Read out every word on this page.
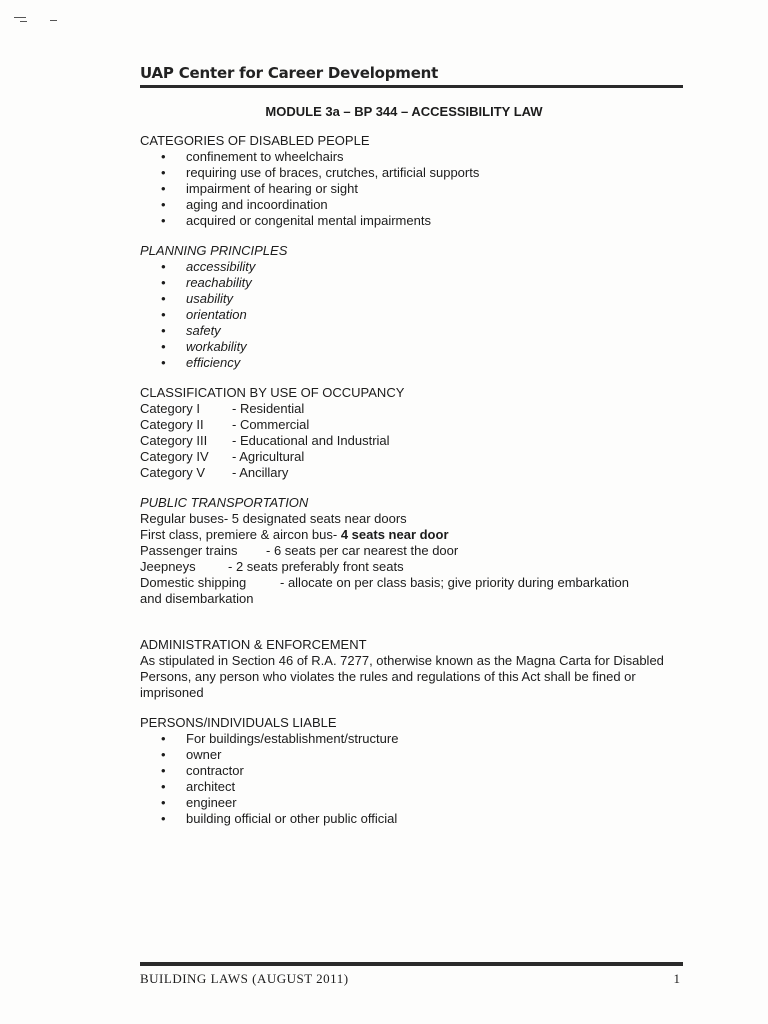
UAP Center for Career Development
MODULE 3a – BP 344 – ACCESSIBILITY LAW

CATEGORIES OF DISABLED PEOPLE

• confinement to wheelchairs
• requiring use of braces, crutches, artificial supports
• impairment of hearing or sight
• aging and incoordination
• acquired or congenital mental impairments

PLANNING PRINCIPLES

• accessibility
• reachability
• usability
• orientation
• safety
• workability
• efficiency

CLASSIFICATION BY USE OF OCCUPANCY

Category I	- Residential
Category II	- Commercial
Category III	- Educational and Industrial
Category IV	- Agricultural
Category V	- Ancillary

PUBLIC TRANSPORTATION

Regular buses- 5 designated seats near doors

First class, premiere & aircon bus- 4 seats near door

Passenger trains	- 6 seats per car nearest the door
Jeepneys	- 2 seats preferably front seats
Domestic shipping	- allocate on per class basis; give priority during embarkation

and disembarkation

ADMINISTRATION & ENFORCEMENT

As stipulated in Section 46 of R.A. 7277, otherwise known as the Magna Carta for Disabled Persons, any person who violates the rules and regulations of this Act shall be fined or imprisoned

PERSONS/INDIVIDUALS LIABLE

• For buildings/establishment/structure
• owner
• contractor
• architect
• engineer
• building official or other public official
BUILDING LAWS (AUGUST 2011)	1
